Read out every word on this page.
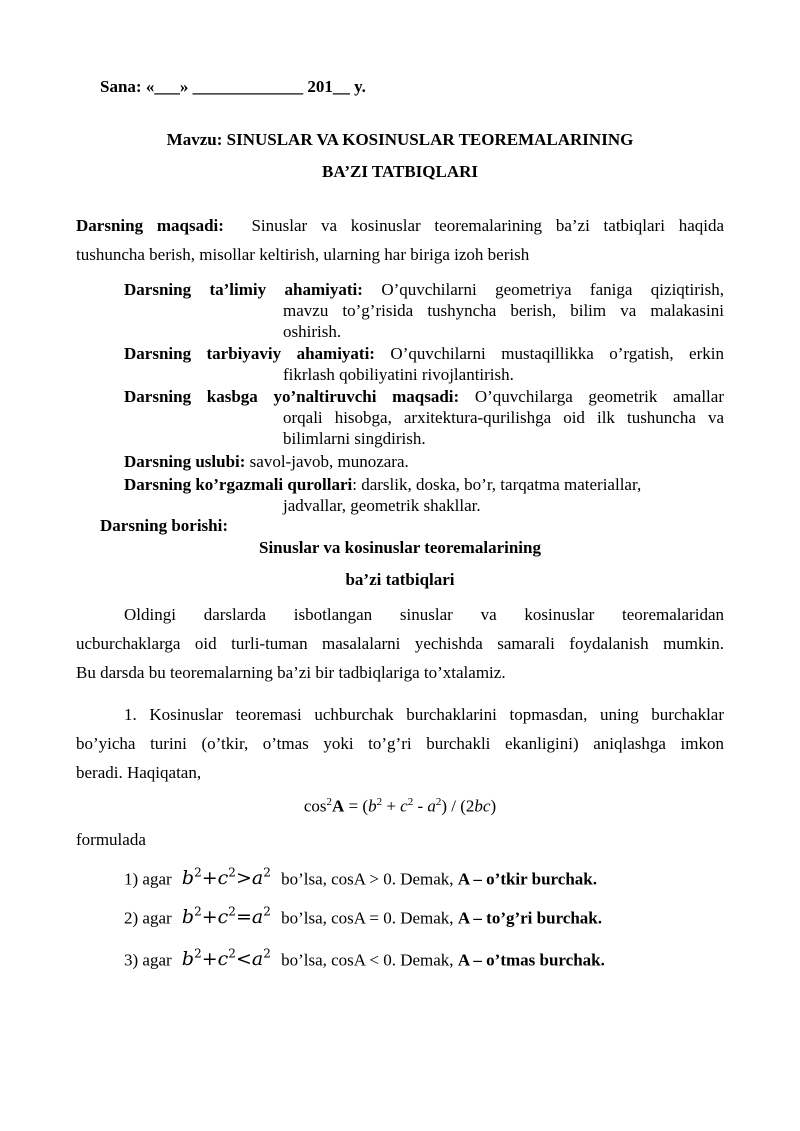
Sana: «___» _____________ 201__ y.
Mavzu: SINUSLAR VA KOSINUSLAR TEOREMALARINING
BA’ZI TATBIQLARI
Darsning maqsadi: Sinuslar va kosinuslar teoremalarining ba’zi tatbiqlari haqida
tushuncha berish, misollar keltirish, ularning har biriga izoh berish
Darsning ta’limiy ahamiyati: O’quvchilarni geometriya faniga qiziqtirish,
mavzu to’g’risida tushyncha berish, bilim va malakasini
oshirish.
Darsning tarbiyaviy ahamiyati: O’quvchilarni mustaqillikka o’rgatish, erkin
fikrlash qobiliyatini rivojlantirish.
Darsning kasbga yo’naltiruvchi maqsadi: O’quvchilarga geometrik amallar
orqali hisobga, arxitektura-qurilishga oid ilk tushuncha va
bilimlarni singdirish.
Darsning uslubi: savol-javob, munozara.
Darsning ko’rgazmali qurollari: darslik, doska, bo’r, tarqatma materiallar,
jadvallar, geometrik shakllar.
Darsning borishi:
Sinuslar va kosinuslar teoremalarining
ba’zi tatbiqlari
Oldingi darslarda isbotlangan sinuslar va kosinuslar teoremalaridan
ucburchaklarga oid turli-tuman masalalarni yechishda samarali foydalanish mumkin.
Bu darsda bu teoremalarning ba’zi bir tadbiqlariga to’xtalamiz.
1. Kosinuslar teoremasi uchburchak burchaklarini topmasdan, uning burchaklar
bo’yicha turini (o’tkir, o’tmas yoki to’g’ri burchakli ekanligini) aniqlashga imkon
beradi. Haqiqatan,
$\cos^2A = (b^2 + c^2 - a^2) / (2bc)$
formulada
1) agar $b^2+c^2>a^2$ bo’lsa, cosA > 0. Demak, A – o’tkir burchak.
2) agar $b^2+c^2=a^2$ bo’lsa, cosA = 0. Demak, A – to’g’ri burchak.
3) agar $b^2+c^2<a^2$ bo’lsa, cosA < 0. Demak, A – o’tmas burchak.
